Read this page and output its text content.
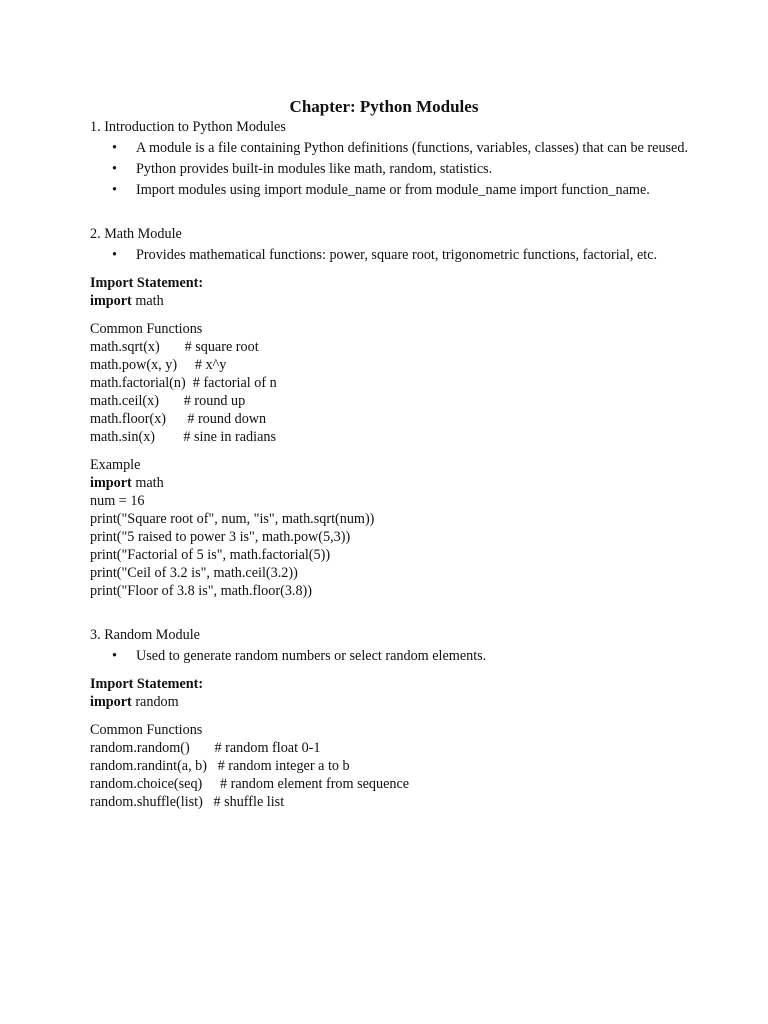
Chapter: Python Modules
1. Introduction to Python Modules
• A module is a file containing Python definitions (functions, variables, classes) that can be reused.
• Python provides built-in modules like math, random, statistics.
• Import modules using import module_name or from module_name import function_name.
2. Math Module
• Provides mathematical functions: power, square root, trigonometric functions, factorial, etc.
Import Statement:
import math
Common Functions
math.sqrt(x)       # square root
math.pow(x, y)     # x^y
math.factorial(n)  # factorial of n
math.ceil(x)       # round up
math.floor(x)      # round down
math.sin(x)        # sine in radians
Example
import math
num = 16
print("Square root of", num, "is", math.sqrt(num))
print("5 raised to power 3 is", math.pow(5,3))
print("Factorial of 5 is", math.factorial(5))
print("Ceil of 3.2 is", math.ceil(3.2))
print("Floor of 3.8 is", math.floor(3.8))
3. Random Module
• Used to generate random numbers or select random elements.
Import Statement:
import random
Common Functions
random.random()       # random float 0-1
random.randint(a, b)   # random integer a to b
random.choice(seq)     # random element from sequence
random.shuffle(list)   # shuffle list
